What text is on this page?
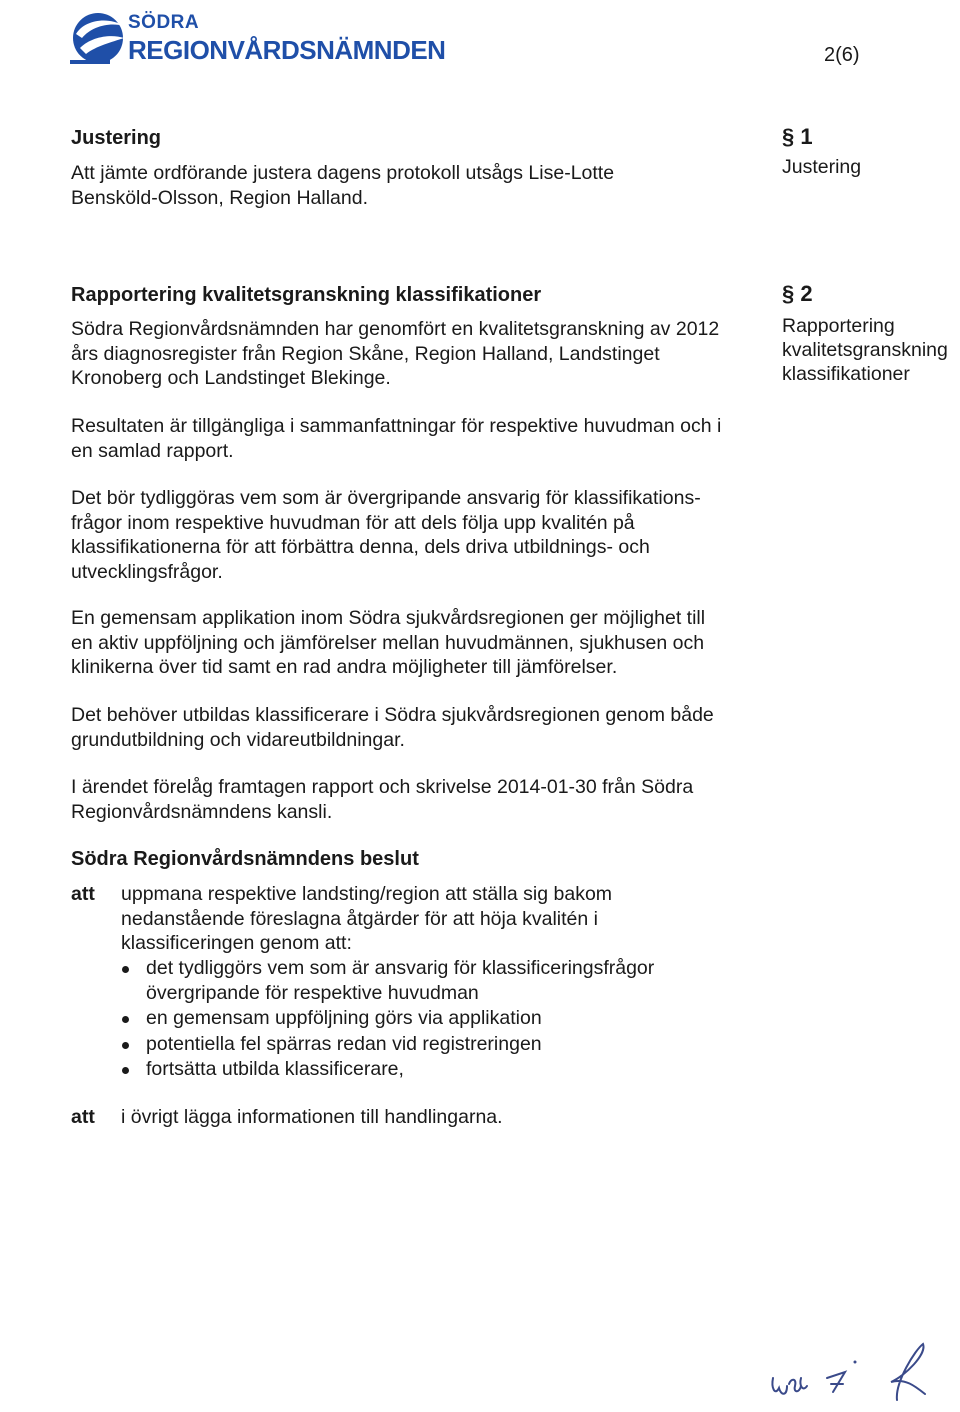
SÖDRA
REGIONVÅRDSNÄMNDEN	2(6)
Justering
Att jämte ordförande justera dagens protokoll utsågs Lise-Lotte
Bensköld-Olsson, Region Halland.
§ 1
Justering
Rapportering kvalitetsgranskning klassifikationer	§ 2
Rapportering
kvalitetsgranskning
klassifikationer
Södra Regionvårdsnämnden har genomfört en kvalitetsgranskning av 2012
års diagnosregister från Region Skåne, Region Halland, Landstinget
Kronoberg och Landstinget Blekinge.
Resultaten är tillgängliga i sammanfattningar för respektive huvudman och i
en samlad rapport.
Det bör tydliggöras vem som är övergripande ansvarig för klassifikations-
frågor inom respektive huvudman för att dels följa upp kvalitén på
klassifikationerna för att förbättra denna, dels driva utbildnings- och
utvecklingsfrågor.
En gemensam applikation inom Södra sjukvårdsregionen ger möjlighet till
en aktiv uppföljning och jämförelser mellan huvudmännen, sjukhusen och
klinikerna över tid samt en rad andra möjligheter till jämförelser.
Det behöver utbildas klassificerare i Södra sjukvårdsregionen genom både
grundutbildning och vidareutbildningar.
I ärendet förelåg framtagen rapport och skrivelse 2014-01-30 från Södra
Regionvårdsnämndens kansli.
Södra Regionvårdsnämndens beslut
att uppmana respektive landsting/region att ställa sig bakom
nedanstående föreslagna åtgärder för att höja kvalitén i
klassificeringen genom att:
det tydliggörs vem som är ansvarig för klassificeringsfrågor
övergripande för respektive huvudman
en gemensam uppföljning görs via applikation
potentiella fel spärras redan vid registreringen
fortsätta utbilda klassificerare,
att i övrigt lägga informationen till handlingarna.
